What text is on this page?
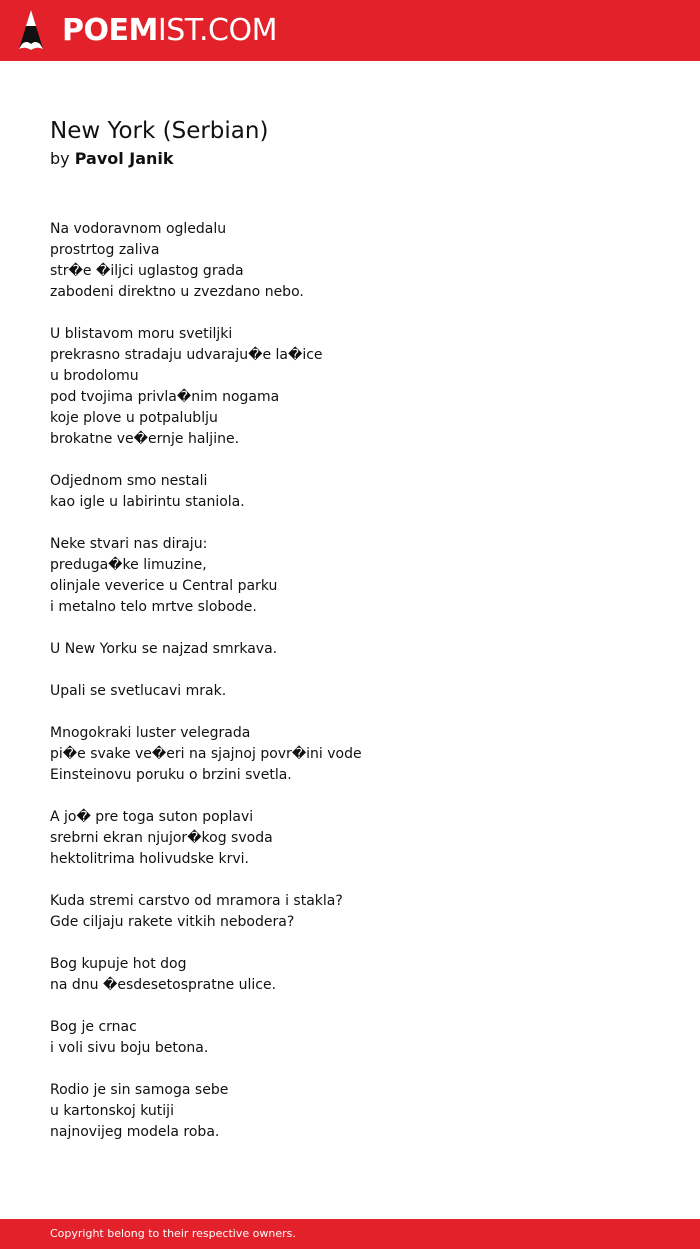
POEMIST.COM
New York (Serbian)
by Pavol Janik

Na vodoravnom ogledalu
prostrtog zaliva
str�e �iljci uglastog grada
zabodeni direktno u zvezdano nebo.

U blistavom moru svetiljki
prekrasno stradaju udvaraju�e la�ice
u brodolomu
pod tvojima privla�nim nogama
koje plove u potpalublju
brokatne ve�ernje haljine.

Odjednom smo nestali
kao igle u labirintu staniola.

Neke stvari nas diraju:
preduga�ke limuzine,
olinjale veverice u Central parku
i metalno telo mrtve slobode.

U New Yorku se najzad smrkava.

Upali se svetlucavi mrak.

Mnogokraki luster velegrada
pi�e svake ve�eri na sjajnoj povr�ini vode
Einsteinovu poruku o brzini svetla.

A jo� pre toga suton poplavi
srebrni ekran njujor�kog svoda
hektolitrima holivudske krvi.

Kuda stremi carstvo od mramora i stakla?
Gde ciljaju rakete vitkih nebodera?

Bog kupuje hot dog
na dnu �esdesetospratne ulice.

Bog je crnac
i voli sivu boju betona.

Rodio je sin samoga sebe
u kartonskoj kutiji
najnovijeg modela roba.

Copyright belong to their respective owners.
